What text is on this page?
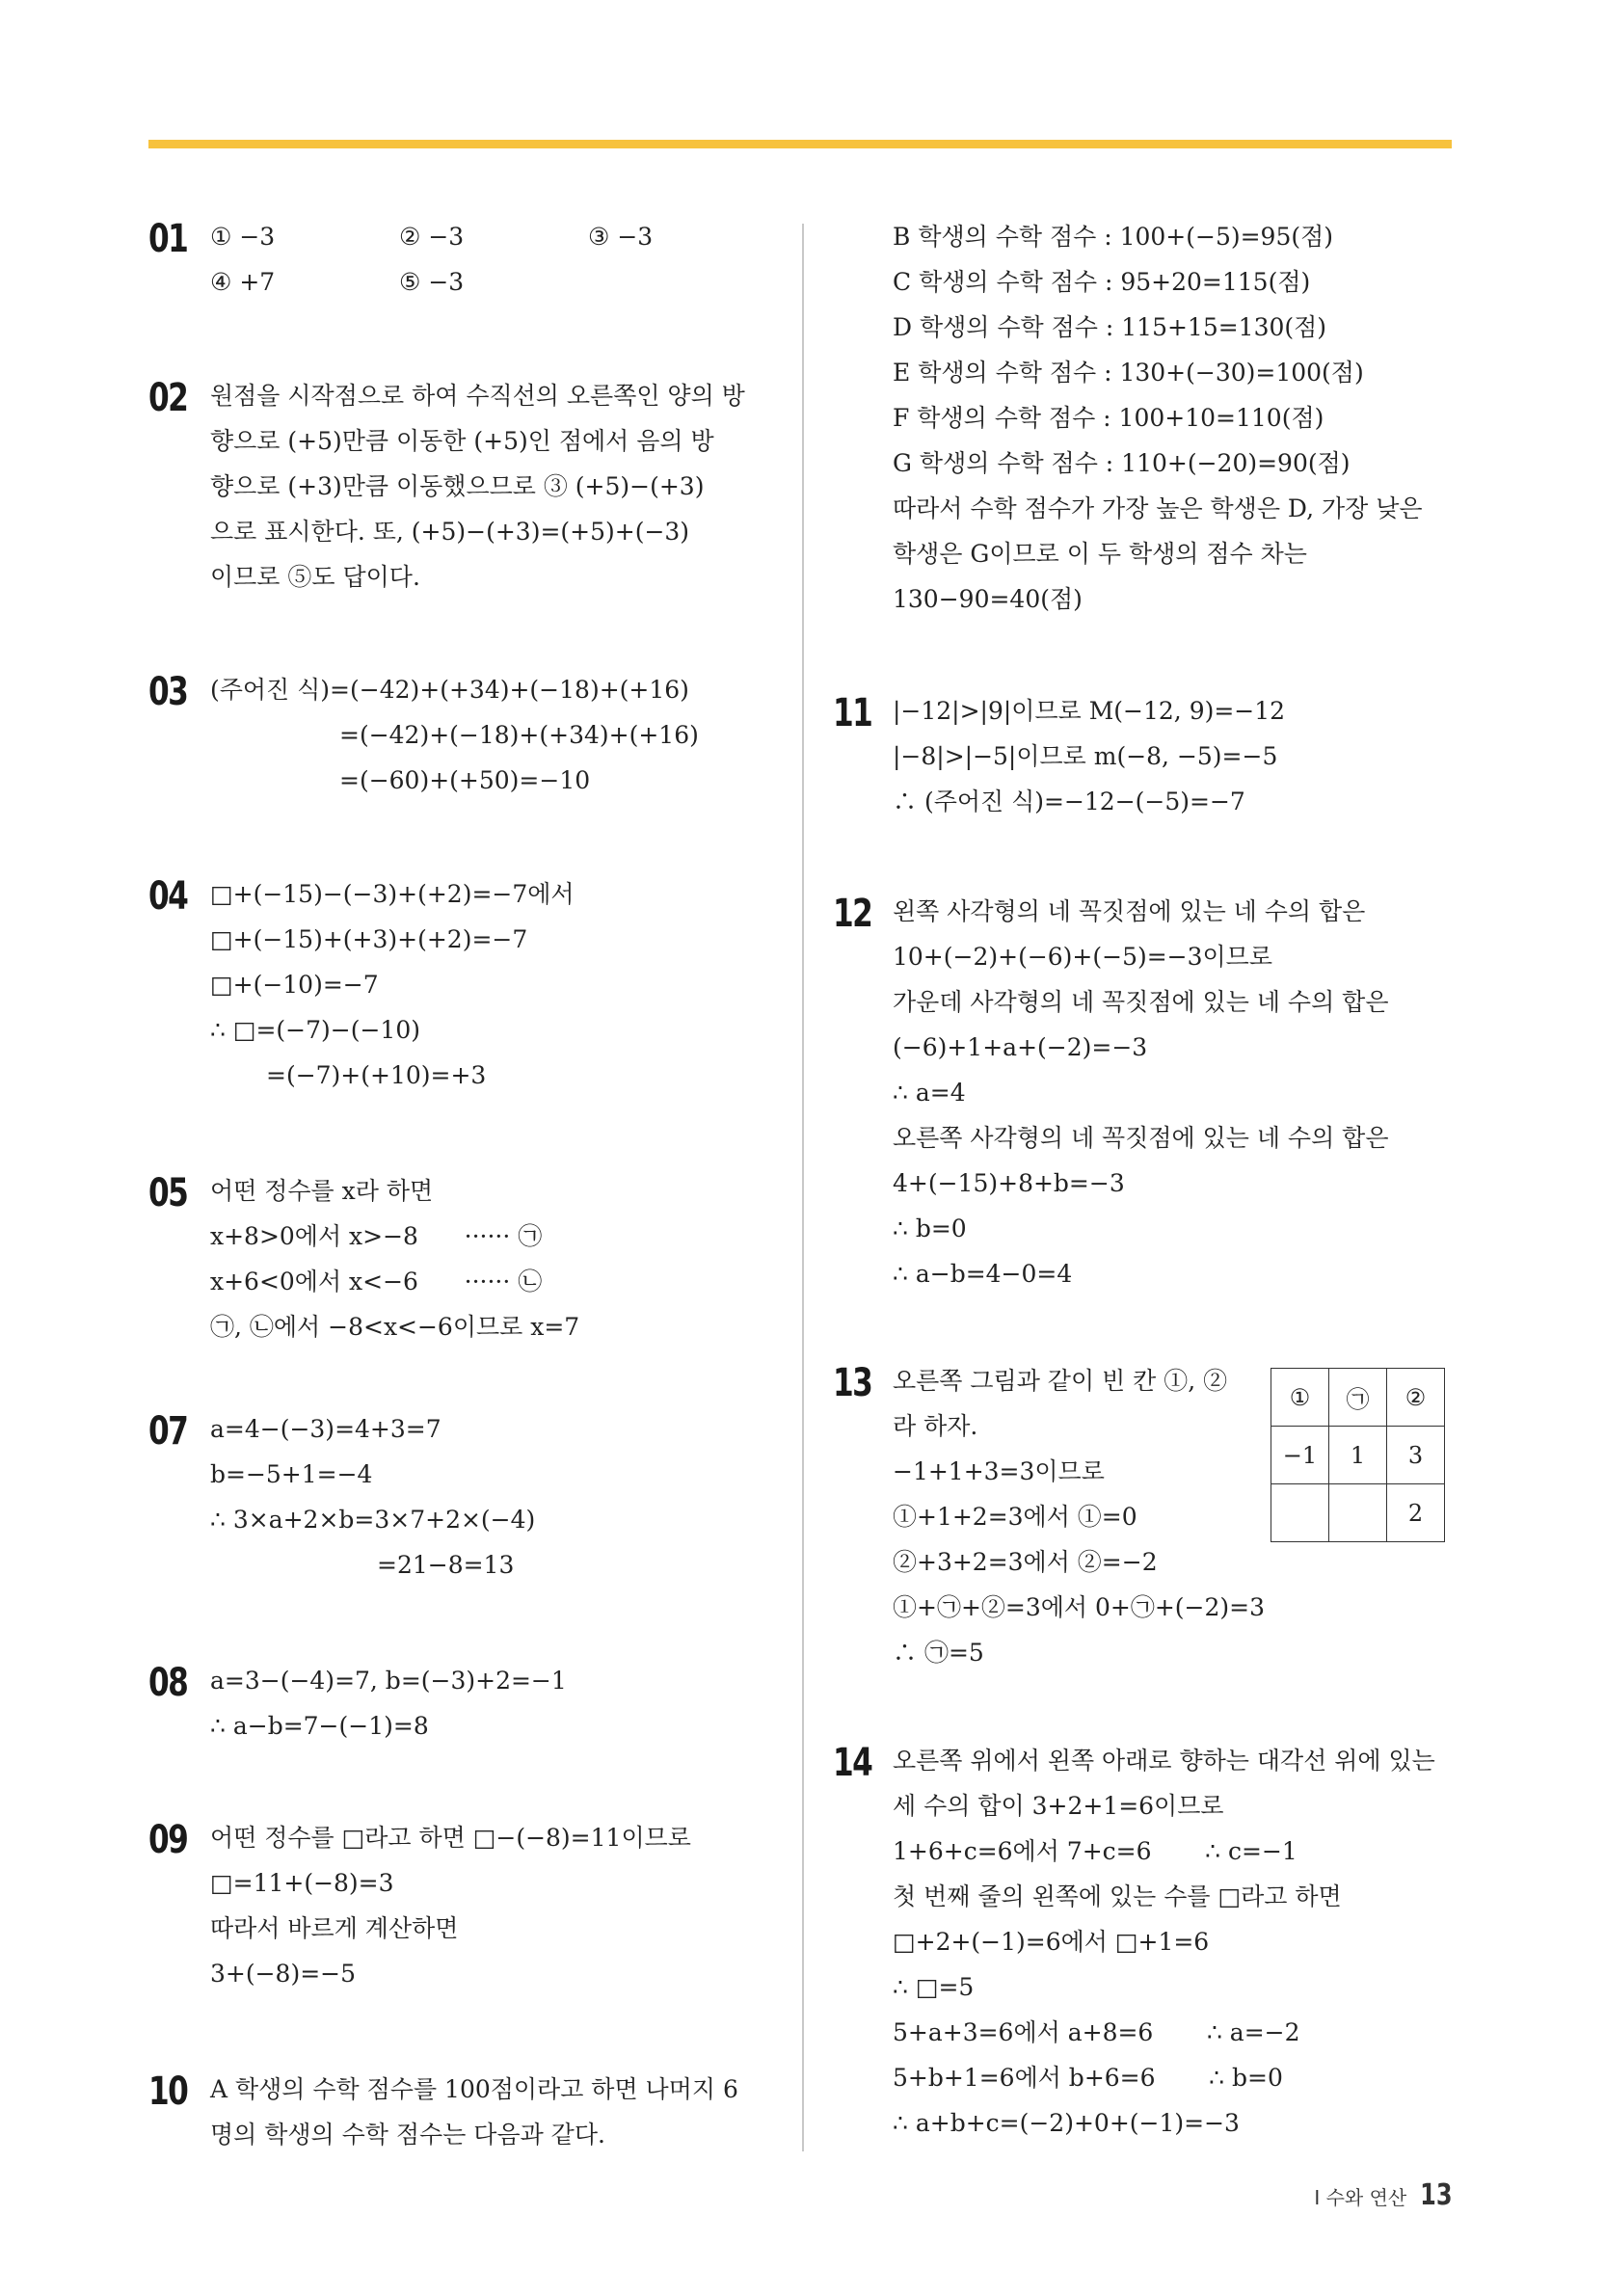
01 ① −3	② −3	③ −3
④ +7	⑤ −3
02 원점을 시작점으로 하여 수직선의 오른쪽인 양의 방
향으로 (+5)만큼 이동한 (+5)인 점에서 음의 방
향으로 (+3)만큼 이동했으므로 ③ (+5)−(+3)
으로 표시한다. 또, (+5)−(+3)=(+5)+(−3)
이므로 ⑤도 답이다.
03 (주어진 식)=(−42)+(+34)+(−18)+(+16)
=(−42)+(−18)+(+34)+(+16)
=(−60)+(+50)=−10
04 □+(−15)−(−3)+(+2)=−7에서
□+(−15)+(+3)+(+2)=−7
□+(−10)=−7
∴ □=(−7)−(−10)
=(−7)+(+10)=+3
05 어떤 정수를 x라 하면
x+8>0에서 x>−8      ······ ㉠
x+6<0에서 x<−6      ······ ㉡
㉠, ㉡에서 −8<x<−6이므로 x=7
07 a=4−(−3)=4+3=7
b=−5+1=−4
∴ 3×a+2×b=3×7+2×(−4)
=21−8=13
08 a=3−(−4)=7, b=(−3)+2=−1
∴ a−b=7−(−1)=8
09 어떤 정수를 □라고 하면 □−(−8)=11이므로
□=11+(−8)=3
따라서 바르게 계산하면
3+(−8)=−5
10 A 학생의 수학 점수를 100점이라고 하면 나머지 6
명의 학생의 수학 점수는 다음과 같다.
B 학생의 수학 점수 : 100+(−5)=95(점)
C 학생의 수학 점수 : 95+20=115(점)
D 학생의 수학 점수 : 115+15=130(점)
E 학생의 수학 점수 : 130+(−30)=100(점)
F 학생의 수학 점수 : 100+10=110(점)
G 학생의 수학 점수 : 110+(−20)=90(점)
따라서 수학 점수가 가장 높은 학생은 D, 가장 낮은
학생은 G이므로 이 두 학생의 점수 차는
130−90=40(점)
11 |−12|>|9|이므로 M(−12, 9)=−12
|−8|>|−5|이므로 m(−8, −5)=−5
∴ (주어진 식)=−12−(−5)=−7
12 왼쪽 사각형의 네 꼭짓점에 있는 네 수의 합은
10+(−2)+(−6)+(−5)=−3이므로
가운데 사각형의 네 꼭짓점에 있는 네 수의 합은
(−6)+1+a+(−2)=−3
∴ a=4
오른쪽 사각형의 네 꼭짓점에 있는 네 수의 합은
4+(−15)+8+b=−3
∴ b=0
∴ a−b=4−0=4
13 오른쪽 그림과 같이 빈 칸 ①, ②
라 하자.
−1+1+3=3이므로
①+1+2=3에서 ①=0
②+3+2=3에서 ②=−2
①+㉠+②=3에서 0+㉠+(−2)=3
∴ ㉠=5
①	㉠	②
−1	1	3
		2
14 오른쪽 위에서 왼쪽 아래로 향하는 대각선 위에 있는
세 수의 합이 3+2+1=6이므로
1+6+c=6에서 7+c=6       ∴ c=−1
첫 번째 줄의 왼쪽에 있는 수를 □라고 하면
□+2+(−1)=6에서 □+1=6
∴ □=5
5+a+3=6에서 a+8=6       ∴ a=−2
5+b+1=6에서 b+6=6       ∴ b=0
∴ a+b+c=(−2)+0+(−1)=−3
Ⅰ 수와 연산 13
